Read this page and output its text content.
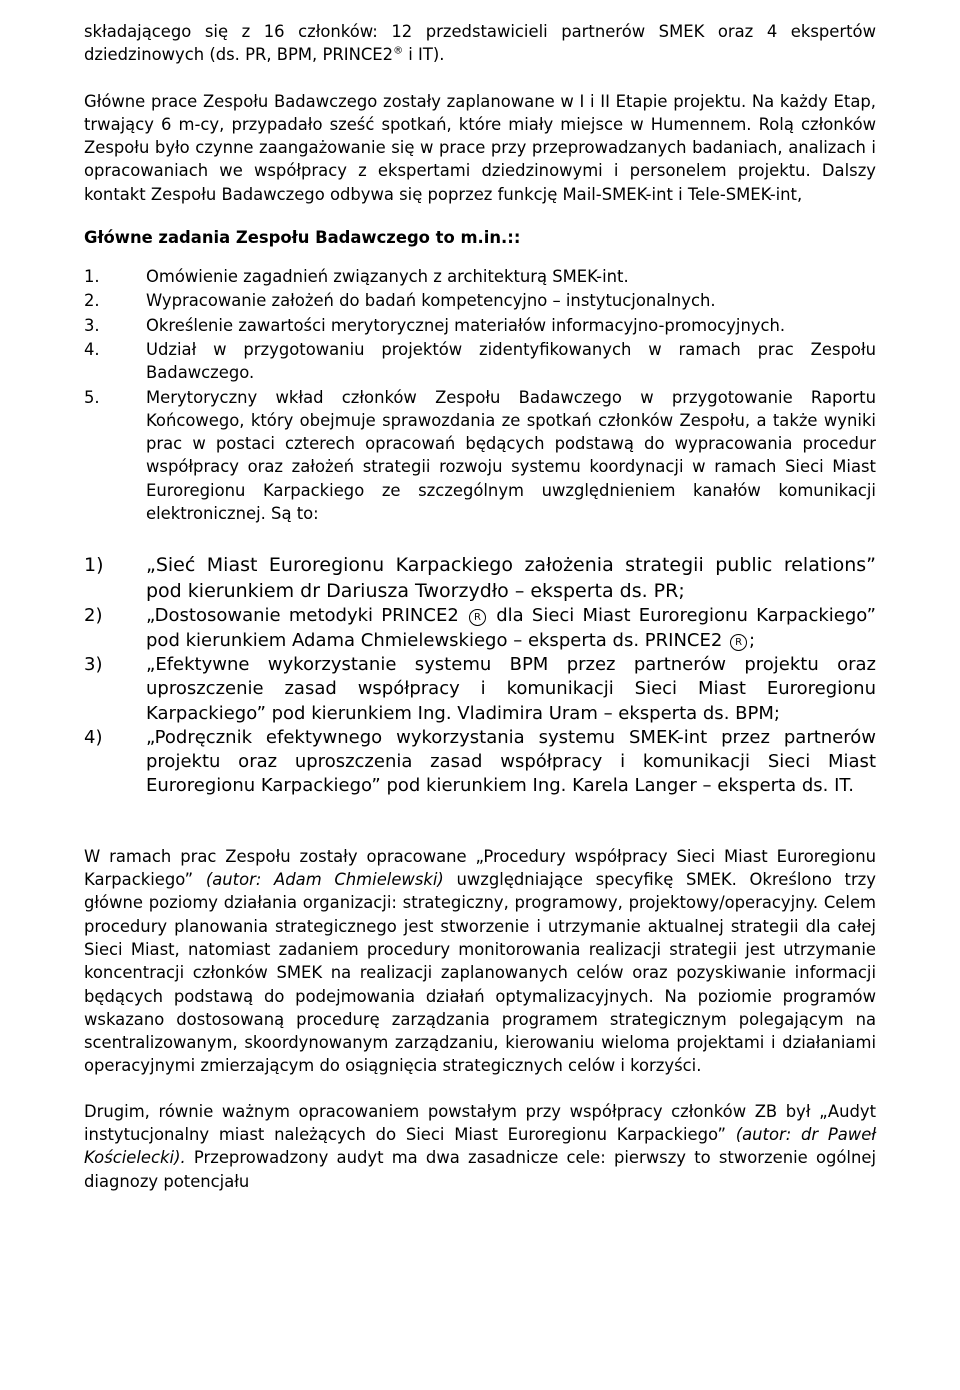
składającego się z 16 członków: 12 przedstawicieli partnerów SMEK oraz 4 ekspertów dziedzinowych (ds. PR, BPM, PRINCE2® i IT).

Główne prace Zespołu Badawczego zostały zaplanowane w I i II Etapie projektu. Na każdy Etap, trwający 6 m-cy, przypadało sześć spotkań, które miały miejsce w Humennem. Rolą członków Zespołu było czynne zaangażowanie się w prace przy przeprowadzanych badaniach, analizach i opracowaniach we współpracy z ekspertami dziedzinowymi i personelem projektu. Dalszy kontakt Zespołu Badawczego odbywa się poprzez funkcję Mail-SMEK-int i Tele-SMEK-int,

Główne zadania Zespołu Badawczego to m.in.::

1.	Omówienie zagadnień związanych z architekturą SMEK-int.
2.	Wypracowanie założeń do badań kompetencyjno – instytucjonalnych.
3.	Określenie zawartości merytorycznej materiałów informacyjno-promocyjnych.
4.	Udział w przygotowaniu projektów zidentyfikowanych w ramach prac Zespołu Badawczego.
5.	Merytoryczny wkład członków Zespołu Badawczego w przygotowanie Raportu Końcowego, który obejmuje sprawozdania ze spotkań członków Zespołu, a także wyniki prac w postaci czterech opracowań będących podstawą do wypracowania procedur współpracy oraz założeń strategii rozwoju systemu koordynacji w ramach Sieci Miast Euroregionu Karpackiego ze szczególnym uwzględnieniem kanałów komunikacji elektronicznej. Są to:
1) „Sieć Miast Euroregionu Karpackiego założenia strategii public relations” pod kierunkiem dr Dariusza Tworzydło – eksperta ds. PR;
2) „Dostosowanie metodyki PRINCE2 R dla Sieci Miast Euroregionu Karpackiego” pod kierunkiem Adama Chmielewskiego – eksperta ds. PRINCE2 R ;
3) „Efektywne wykorzystanie systemu BPM przez partnerów projektu oraz uproszczenie zasad współpracy i komunikacji Sieci Miast Euroregionu Karpackiego” pod kierunkiem Ing. Vladimira Uram – eksperta ds. BPM;
4) „Podręcznik efektywnego wykorzystania systemu SMEK-int przez partnerów projektu oraz uproszczenia zasad współpracy i komunikacji Sieci Miast Euroregionu Karpackiego” pod kierunkiem Ing. Karela Langer – eksperta ds. IT.

W ramach prac Zespołu zostały opracowane „Procedury współpracy Sieci Miast Euroregionu Karpackiego” (autor: Adam Chmielewski) uwzględniające specyfikę SMEK. Określono trzy główne poziomy działania organizacji: strategiczny, programowy, projektowy/operacyjny. Celem procedury planowania strategicznego jest stworzenie i utrzymanie aktualnej strategii dla całej Sieci Miast, natomiast zadaniem procedury monitorowania realizacji strategii jest utrzymanie koncentracji członków SMEK na realizacji zaplanowanych celów oraz pozyskiwanie informacji będących podstawą do podejmowania działań optymalizacyjnych. Na poziomie programów wskazano dostosowaną procedurę zarządzania programem strategicznym polegającym na scentralizowanym, skoordynowanym zarządzaniu, kierowaniu wieloma projektami i działaniami operacyjnymi zmierzającym do osiągnięcia strategicznych celów i korzyści.

Drugim, równie ważnym opracowaniem powstałym przy współpracy członków ZB był „Audyt instytucjonalny miast należących do Sieci Miast Euroregionu Karpackiego” (autor: dr Paweł Kościelecki). Przeprowadzony audyt ma dwa zasadnicze cele: pierwszy to stworzenie ogólnej diagnozy potencjału
